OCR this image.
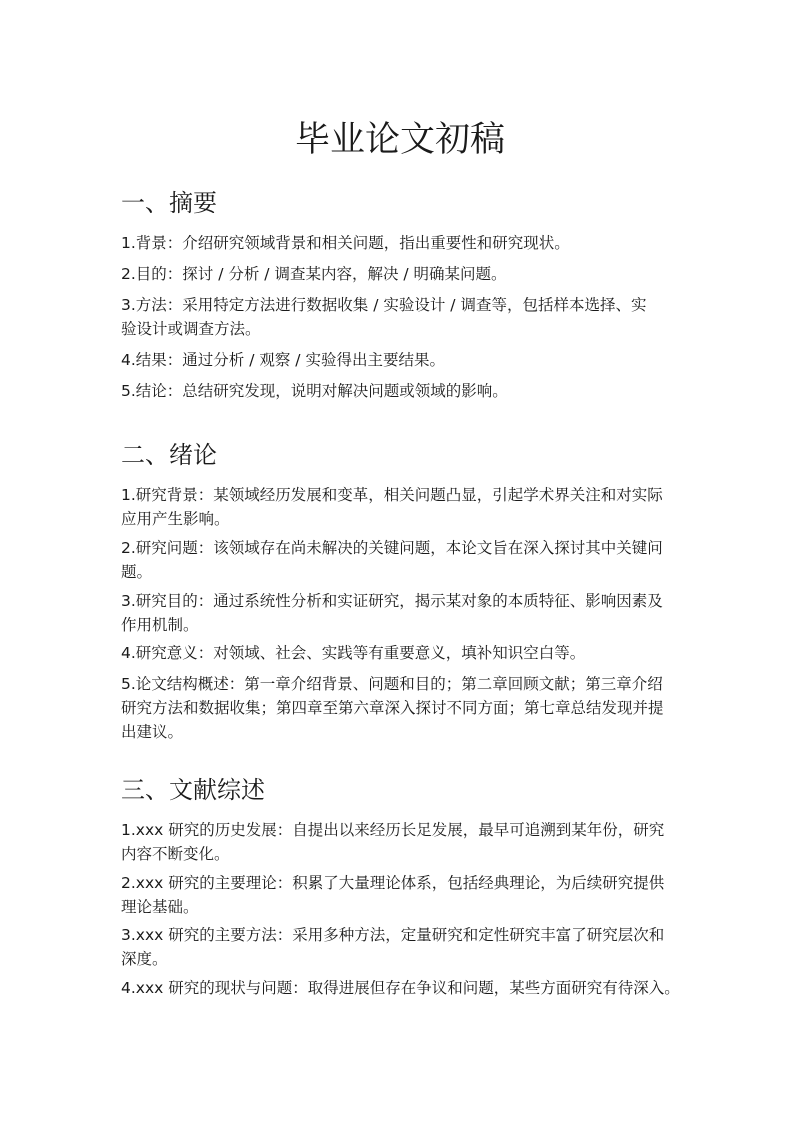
毕业论文初稿
一、摘要
1.背景：介绍研究领域背景和相关问题，指出重要性和研究现状。
2.目的：探讨 / 分析 / 调查某内容，解决 / 明确某问题。
3.方法：采用特定方法进行数据收集 / 实验设计 / 调查等，包括样本选择、实
验设计或调查方法。
4.结果：通过分析 / 观察 / 实验得出主要结果。
5.结论：总结研究发现，说明对解决问题或领域的影响。
二、绪论
1.研究背景：某领域经历发展和变革，相关问题凸显，引起学术界关注和对实际
应用产生影响。
2.研究问题：该领域存在尚未解决的关键问题，本论文旨在深入探讨其中关键问
题。
3.研究目的：通过系统性分析和实证研究，揭示某对象的本质特征、影响因素及
作用机制。
4.研究意义：对领域、社会、实践等有重要意义，填补知识空白等。
5.论文结构概述：第一章介绍背景、问题和目的；第二章回顾文献；第三章介绍
研究方法和数据收集；第四章至第六章深入探讨不同方面；第七章总结发现并提
出建议。
三、文献综述
1.xxx 研究的历史发展：自提出以来经历长足发展，最早可追溯到某年份，研究
内容不断变化。
2.xxx 研究的主要理论：积累了大量理论体系，包括经典理论，为后续研究提供
理论基础。
3.xxx 研究的主要方法：采用多种方法，定量研究和定性研究丰富了研究层次和
深度。
4.xxx 研究的现状与问题：取得进展但存在争议和问题，某些方面研究有待深入。
